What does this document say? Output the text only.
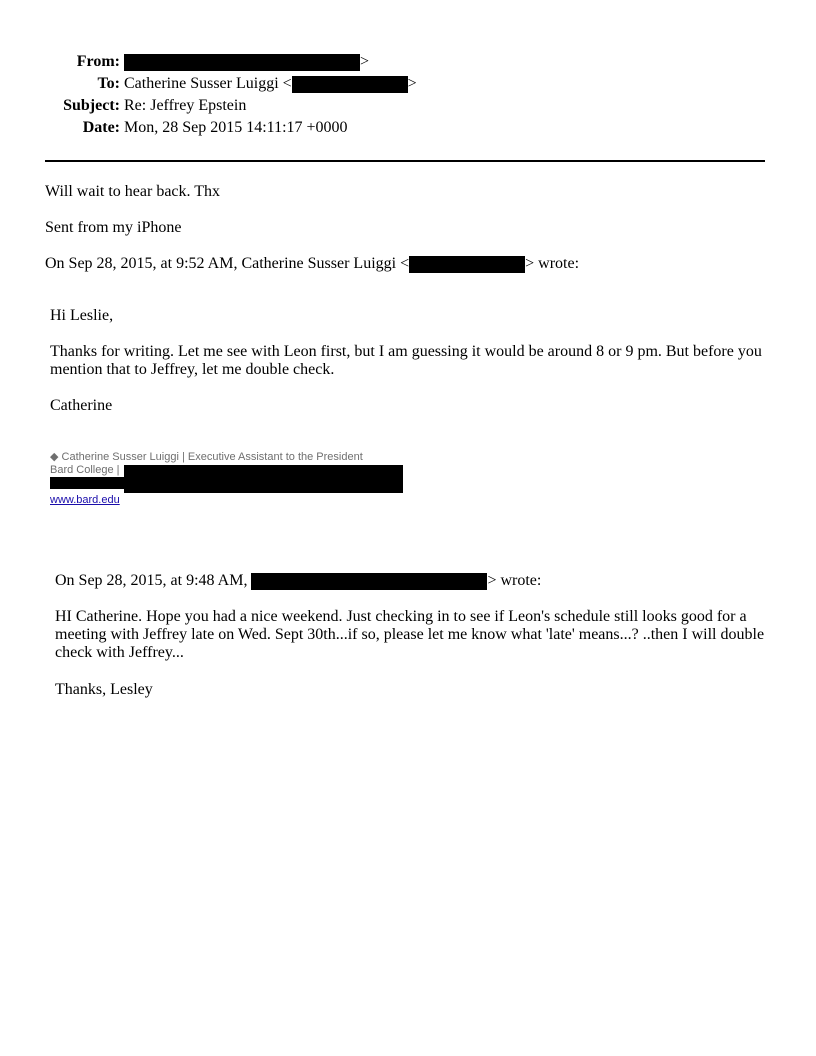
From:	>
To: Catherine Susser Luiggi <	>
Subject: Re: Jeffrey Epstein
Date: Mon, 28 Sep 2015 14:11:17 +0000
Will wait to hear back. Thx
Sent from my iPhone
On Sep 28, 2015, at 9:52 AM, Catherine Susser Luiggi <	> wrote:
Hi Leslie,
Thanks for writing. Let me see with Leon first, but I am guessing it would be around 8 or 9 pm. But before you mention that to Jeffrey, let me double check.
Catherine
◆ Catherine Susser Luiggi | Executive Assistant to the President
Bard College |
www.bard.edu
On Sep 28, 2015, at 9:48 AM,	> wrote:
HI Catherine. Hope you had a nice weekend. Just checking in to see if Leon's schedule still looks good for a meeting with Jeffrey late on Wed. Sept 30th...if so, please let me know what 'late' means...? ..then I will double check with Jeffrey...
Thanks, Lesley
